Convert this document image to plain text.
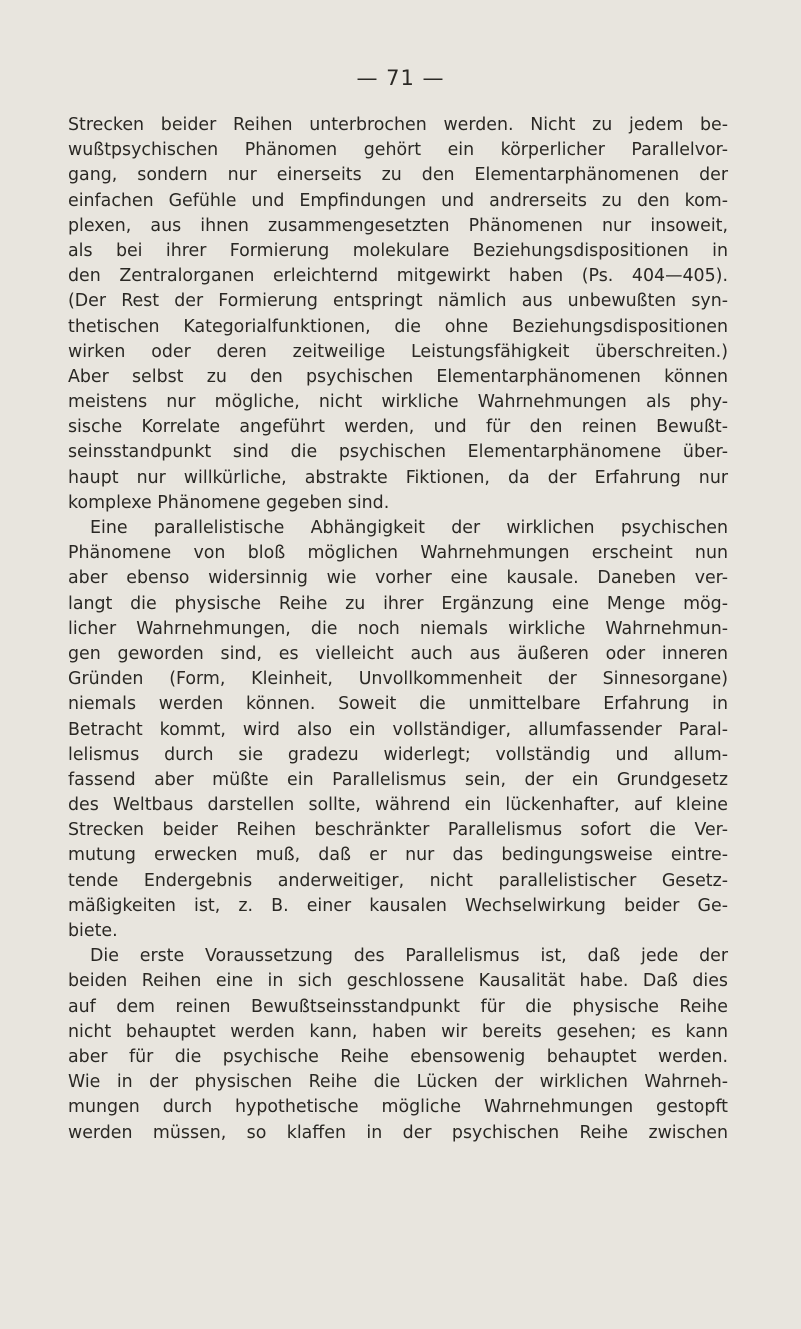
— 71 —
Strecken beider Reihen unterbrochen werden. Nicht zu jedem be-
wußtpsychischen Phänomen gehört ein körperlicher Parallelvor-
gang, sondern nur einerseits zu den Elementarphänomenen der
einfachen Gefühle und Empfindungen und andrerseits zu den kom-
plexen, aus ihnen zusammengesetzten Phänomenen nur insoweit,
als bei ihrer Formierung molekulare Beziehungsdispositionen in
den Zentralorganen erleichternd mitgewirkt haben (Ps. 404—405).
(Der Rest der Formierung entspringt nämlich aus unbewußten syn-
thetischen Kategorialfunktionen, die ohne Beziehungsdispositionen
wirken oder deren zeitweilige Leistungsfähigkeit überschreiten.)
Aber selbst zu den psychischen Elementarphänomenen können
meistens nur mögliche, nicht wirkliche Wahrnehmungen als phy-
sische Korrelate angeführt werden, und für den reinen Bewußt-
seinsstandpunkt sind die psychischen Elementarphänomene über-
haupt nur willkürliche, abstrakte Fiktionen, da der Erfahrung nur
komplexe Phänomene gegeben sind.
Eine parallelistische Abhängigkeit der wirklichen psychischen
Phänomene von bloß möglichen Wahrnehmungen erscheint nun
aber ebenso widersinnig wie vorher eine kausale. Daneben ver-
langt die physische Reihe zu ihrer Ergänzung eine Menge mög-
licher Wahrnehmungen, die noch niemals wirkliche Wahrnehmun-
gen geworden sind, es vielleicht auch aus äußeren oder inneren
Gründen (Form, Kleinheit, Unvollkommenheit der Sinnesorgane)
niemals werden können. Soweit die unmittelbare Erfahrung in
Betracht kommt, wird also ein vollständiger, allumfassender Paral-
lelismus durch sie gradezu widerlegt; vollständig und allum-
fassend aber müßte ein Parallelismus sein, der ein Grundgesetz
des Weltbaus darstellen sollte, während ein lückenhafter, auf kleine
Strecken beider Reihen beschränkter Parallelismus sofort die Ver-
mutung erwecken muß, daß er nur das bedingungsweise eintre-
tende Endergebnis anderweitiger, nicht parallelistischer Gesetz-
mäßigkeiten ist, z. B. einer kausalen Wechselwirkung beider Ge-
biete.
Die erste Voraussetzung des Parallelismus ist, daß jede der
beiden Reihen eine in sich geschlossene Kausalität habe. Daß dies
auf dem reinen Bewußtseinsstandpunkt für die physische Reihe
nicht behauptet werden kann, haben wir bereits gesehen; es kann
aber für die psychische Reihe ebensowenig behauptet werden.
Wie in der physischen Reihe die Lücken der wirklichen Wahrneh-
mungen durch hypothetische mögliche Wahrnehmungen gestopft
werden müssen, so klaffen in der psychischen Reihe zwischen
